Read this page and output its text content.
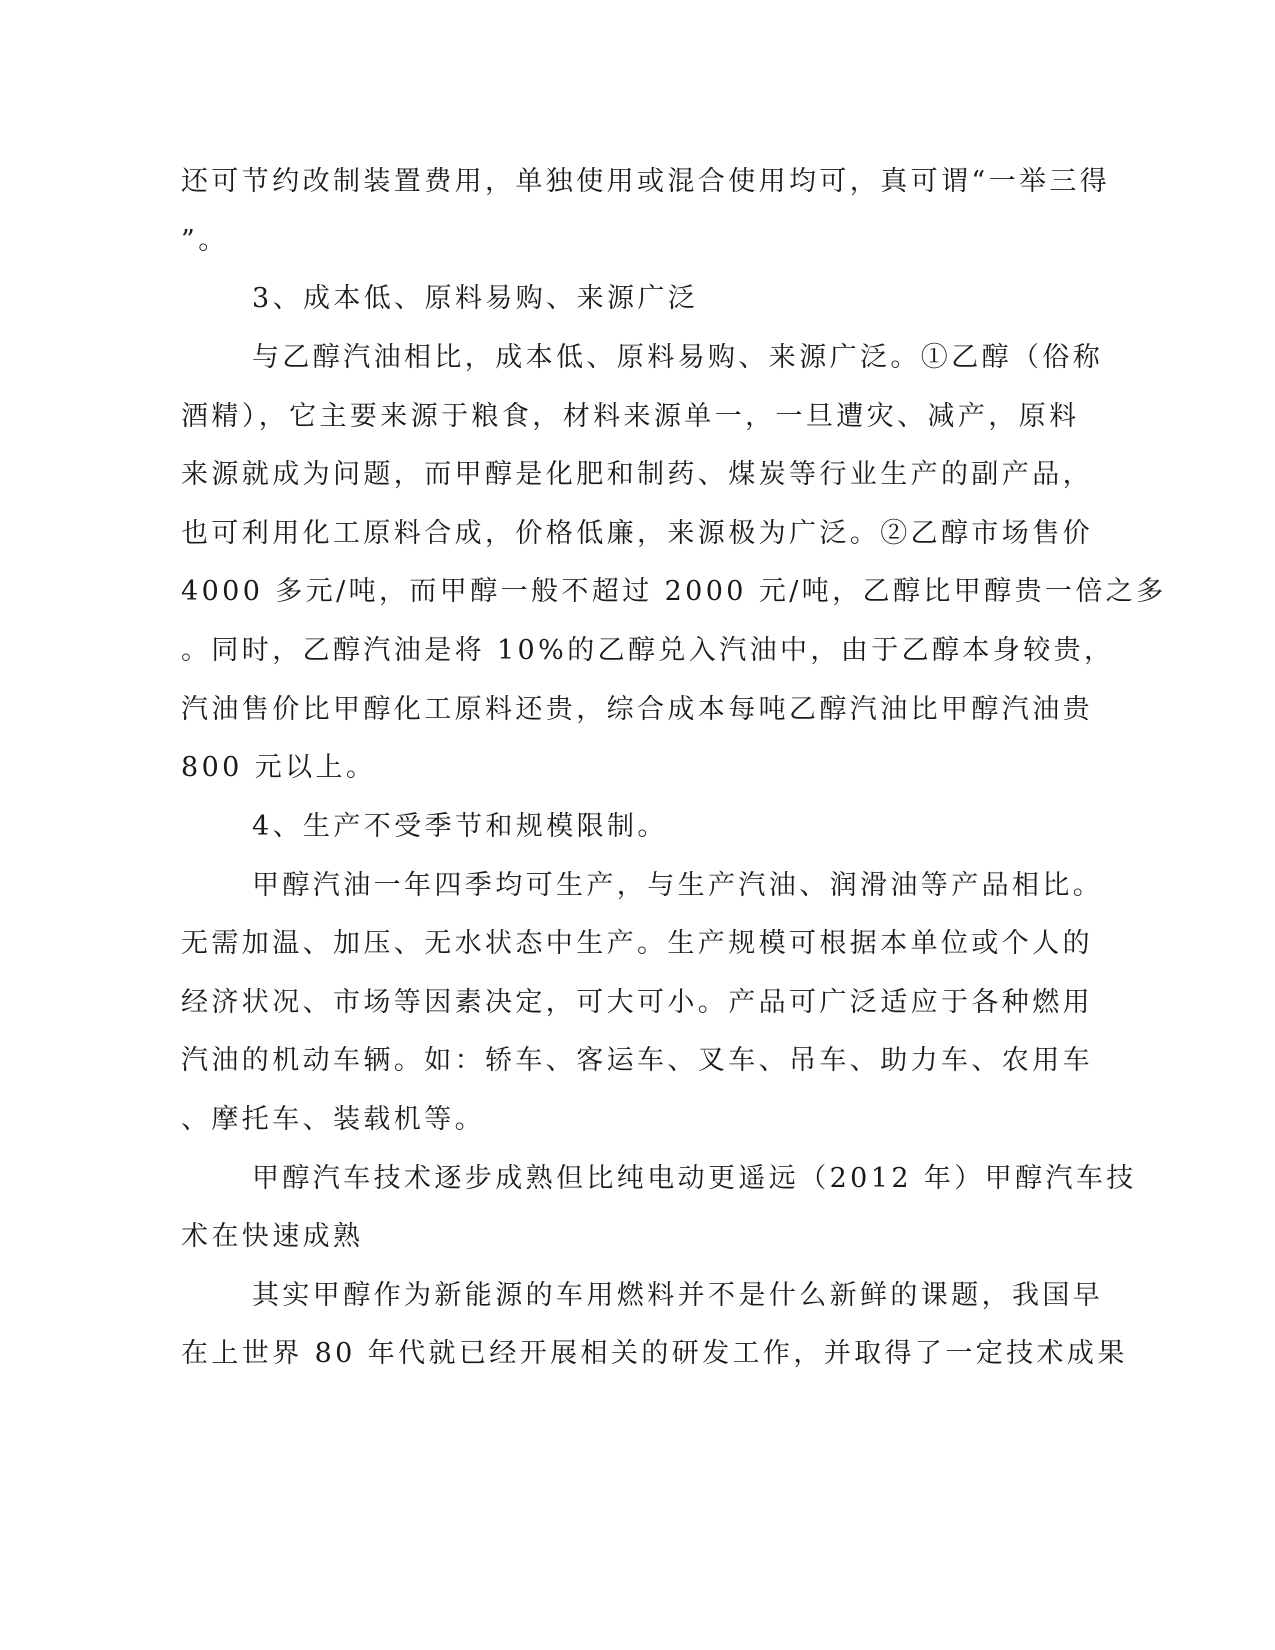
还可节约改制装置费用，单独使用或混合使用均可，真可谓“一举三得
”。
3、成本低、原料易购、来源广泛
与乙醇汽油相比，成本低、原料易购、来源广泛。①乙醇（俗称
酒精），它主要来源于粮食，材料来源单一，一旦遭灾、减产，原料
来源就成为问题，而甲醇是化肥和制药、煤炭等行业生产的副产品，
也可利用化工原料合成，价格低廉，来源极为广泛。②乙醇市场售价
4000 多元/吨，而甲醇一般不超过 2000 元/吨，乙醇比甲醇贵一倍之多
。同时，乙醇汽油是将 10%的乙醇兑入汽油中，由于乙醇本身较贵，
汽油售价比甲醇化工原料还贵，综合成本每吨乙醇汽油比甲醇汽油贵
800 元以上。
4、生产不受季节和规模限制。
甲醇汽油一年四季均可生产，与生产汽油、润滑油等产品相比。
无需加温、加压、无水状态中生产。生产规模可根据本单位或个人的
经济状况、市场等因素决定，可大可小。产品可广泛适应于各种燃用
汽油的机动车辆。如：轿车、客运车、叉车、吊车、助力车、农用车
、摩托车、装载机等。
甲醇汽车技术逐步成熟但比纯电动更遥远（2012 年）甲醇汽车技
术在快速成熟
其实甲醇作为新能源的车用燃料并不是什么新鲜的课题，我国早
在上世界 80 年代就已经开展相关的研发工作，并取得了一定技术成果
